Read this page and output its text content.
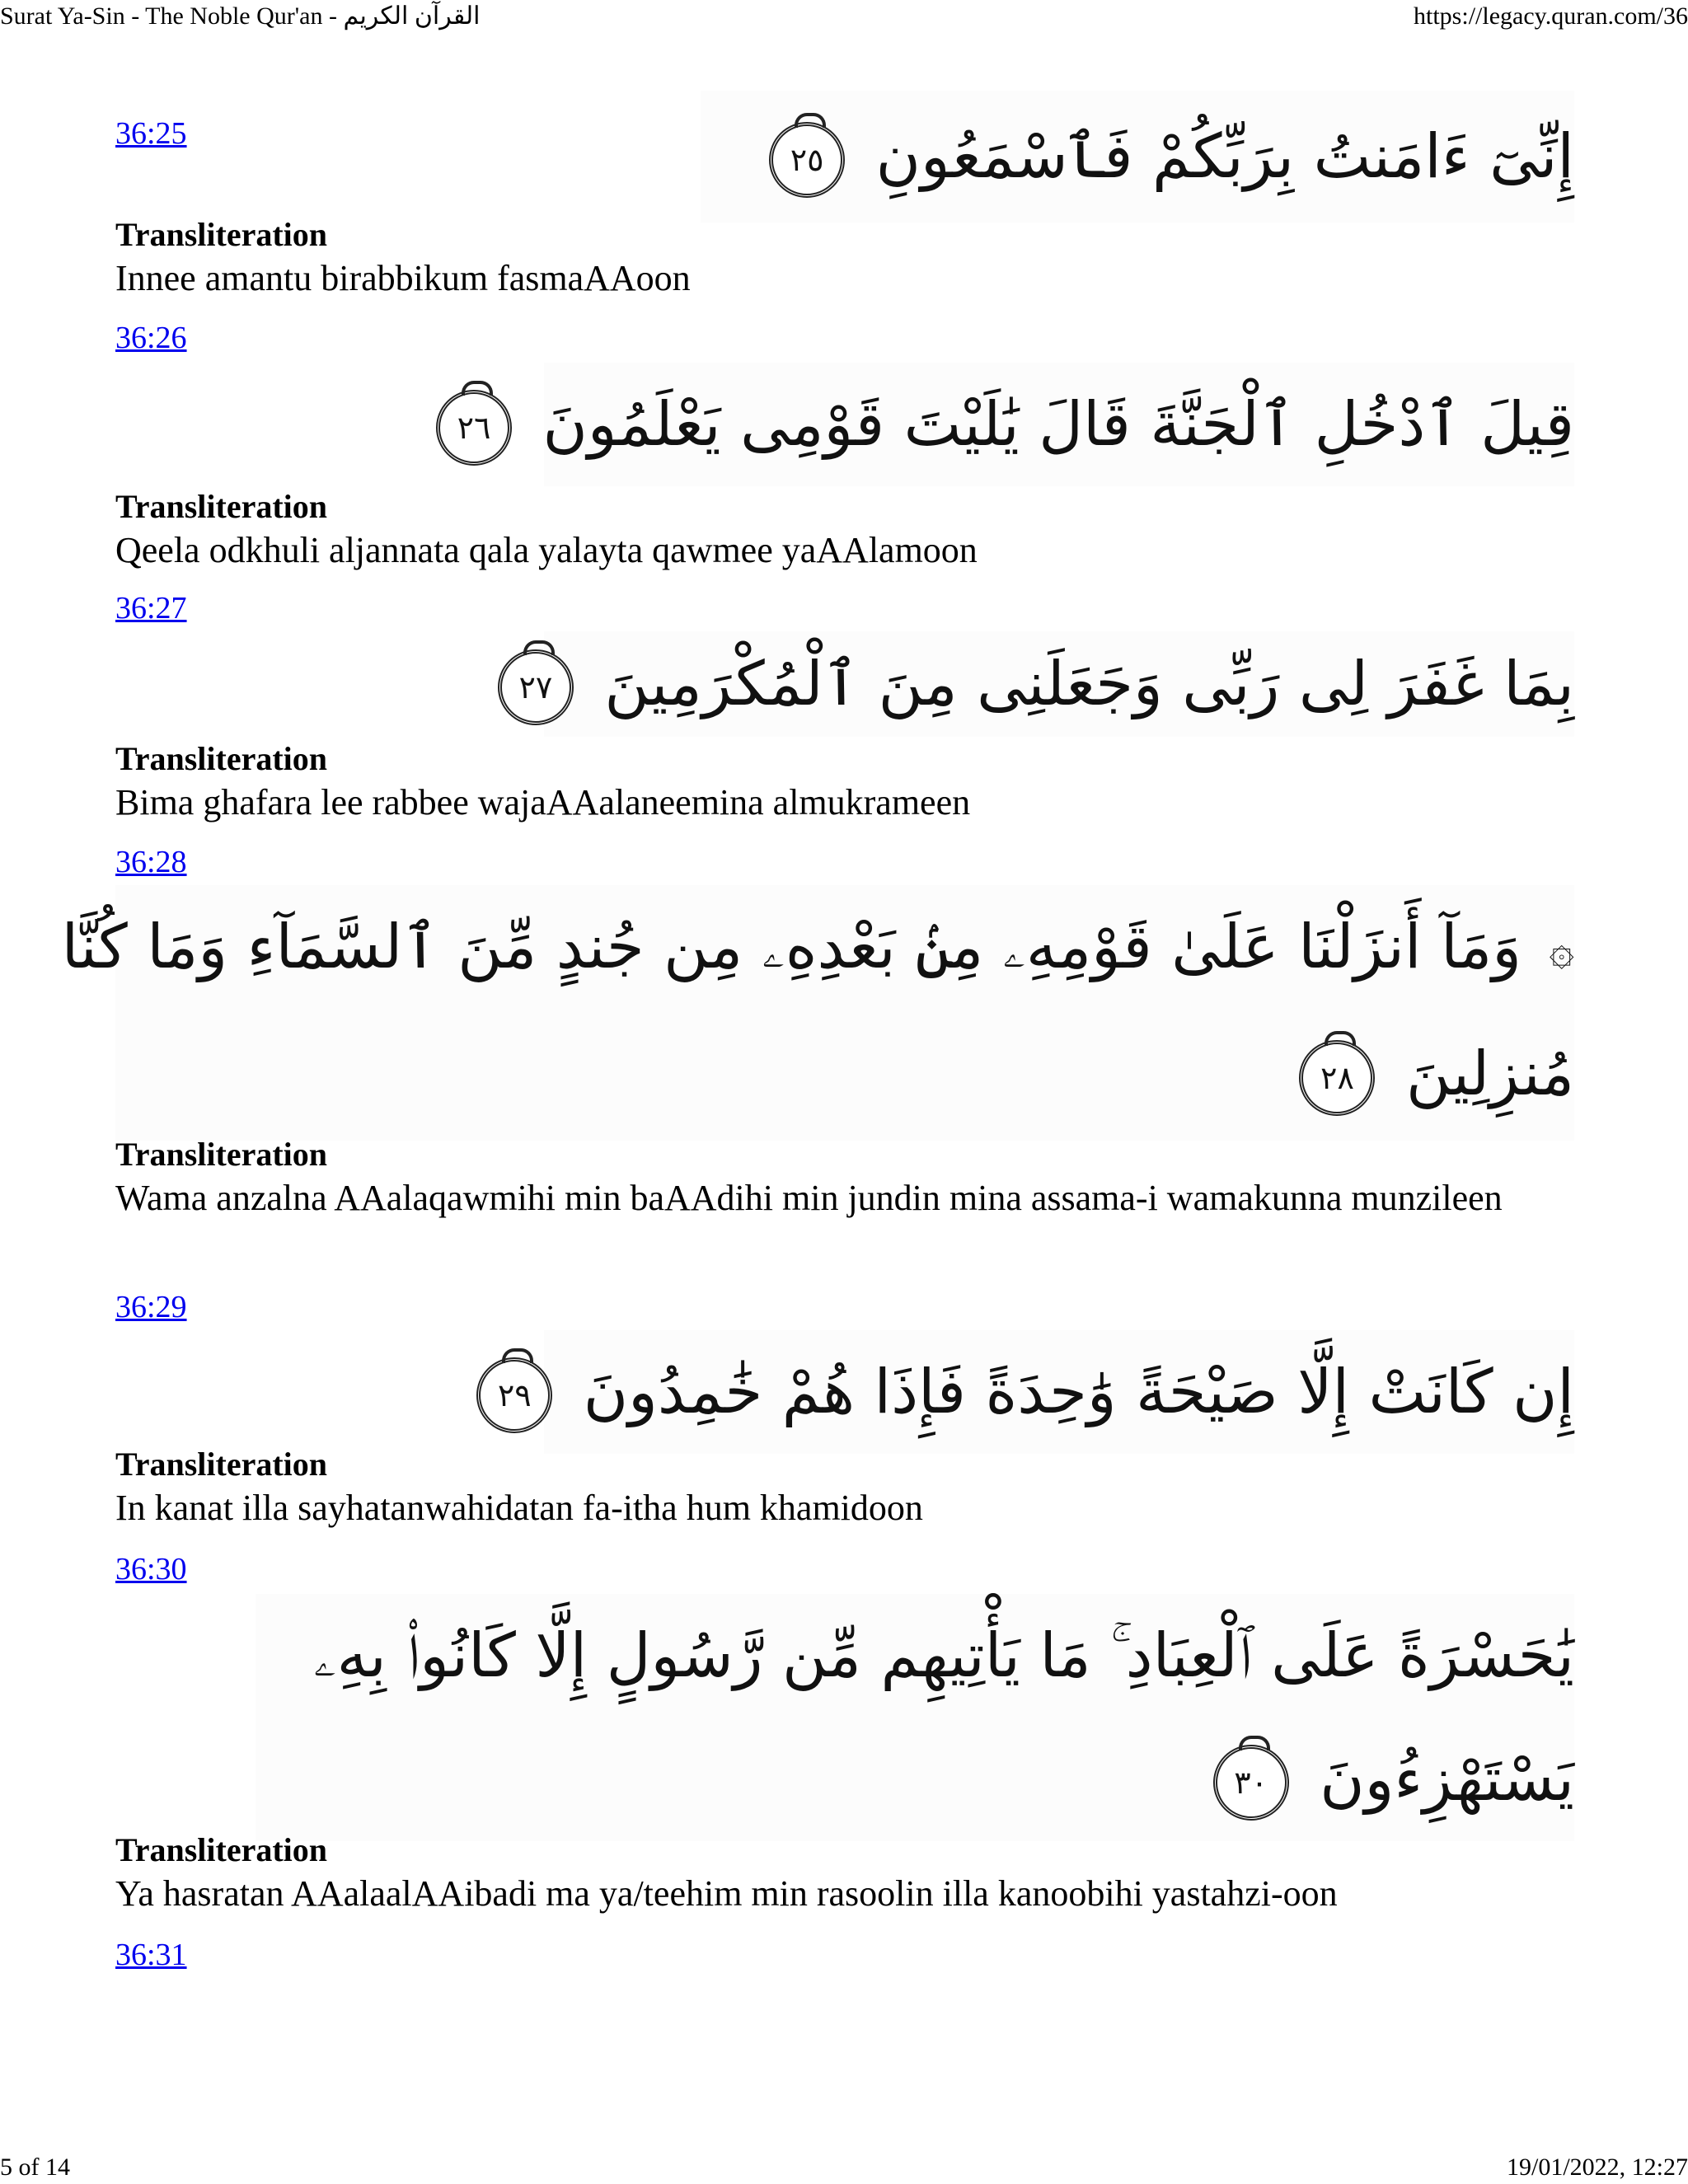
Surat Ya-Sin - The Noble Qur'an - القرآن الكريم	https://legacy.quran.com/36
36:25	إِنِّىٓ ءَامَنتُ بِرَبِّكُمْ فَٱسْمَعُونِ ٢٥
Transliteration
Innee amantu birabbikum fasmaAAoon
36:26
قِيلَ ٱدْخُلِ ٱلْجَنَّةَ قَالَ يَٰلَيْتَ قَوْمِى يَعْلَمُونَ ٢٦
Transliteration
Qeela odkhuli aljannata qala yalayta qawmee yaAAlamoon
36:27
بِمَا غَفَرَ لِى رَبِّى وَجَعَلَنِى مِنَ ٱلْمُكْرَمِينَ ٢٧
Transliteration
Bima ghafara lee rabbee wajaAAalaneemina almukrameen
36:28
۞ وَمَآ أَنزَلْنَا عَلَىٰ قَوْمِهِۦ مِنۢ بَعْدِهِۦ مِن جُندٍ مِّنَ ٱلسَّمَآءِ وَمَا كُنَّا
مُنزِلِينَ ٢٨
Transliteration
Wama anzalna AAalaqawmihi min baAAdihi min jundin mina assama-i wamakunna munzileen
36:29
إِن كَانَتْ إِلَّا صَيْحَةً وَٰحِدَةً فَإِذَا هُمْ خَٰمِدُونَ ٢٩
Transliteration
In kanat illa sayhatanwahidatan fa-itha hum khamidoon
36:30
يَٰحَسْرَةً عَلَى ٱلْعِبَادِ ۚ مَا يَأْتِيهِم مِّن رَّسُولٍ إِلَّا كَانُوا۟ بِهِۦ
يَسْتَهْزِءُونَ ٣٠
Transliteration
Ya hasratan AAalaalAAibadi ma ya/teehim min rasoolin illa kanoobihi yastahzi-oon
36:31
5 of 14	19/01/2022, 12:27
